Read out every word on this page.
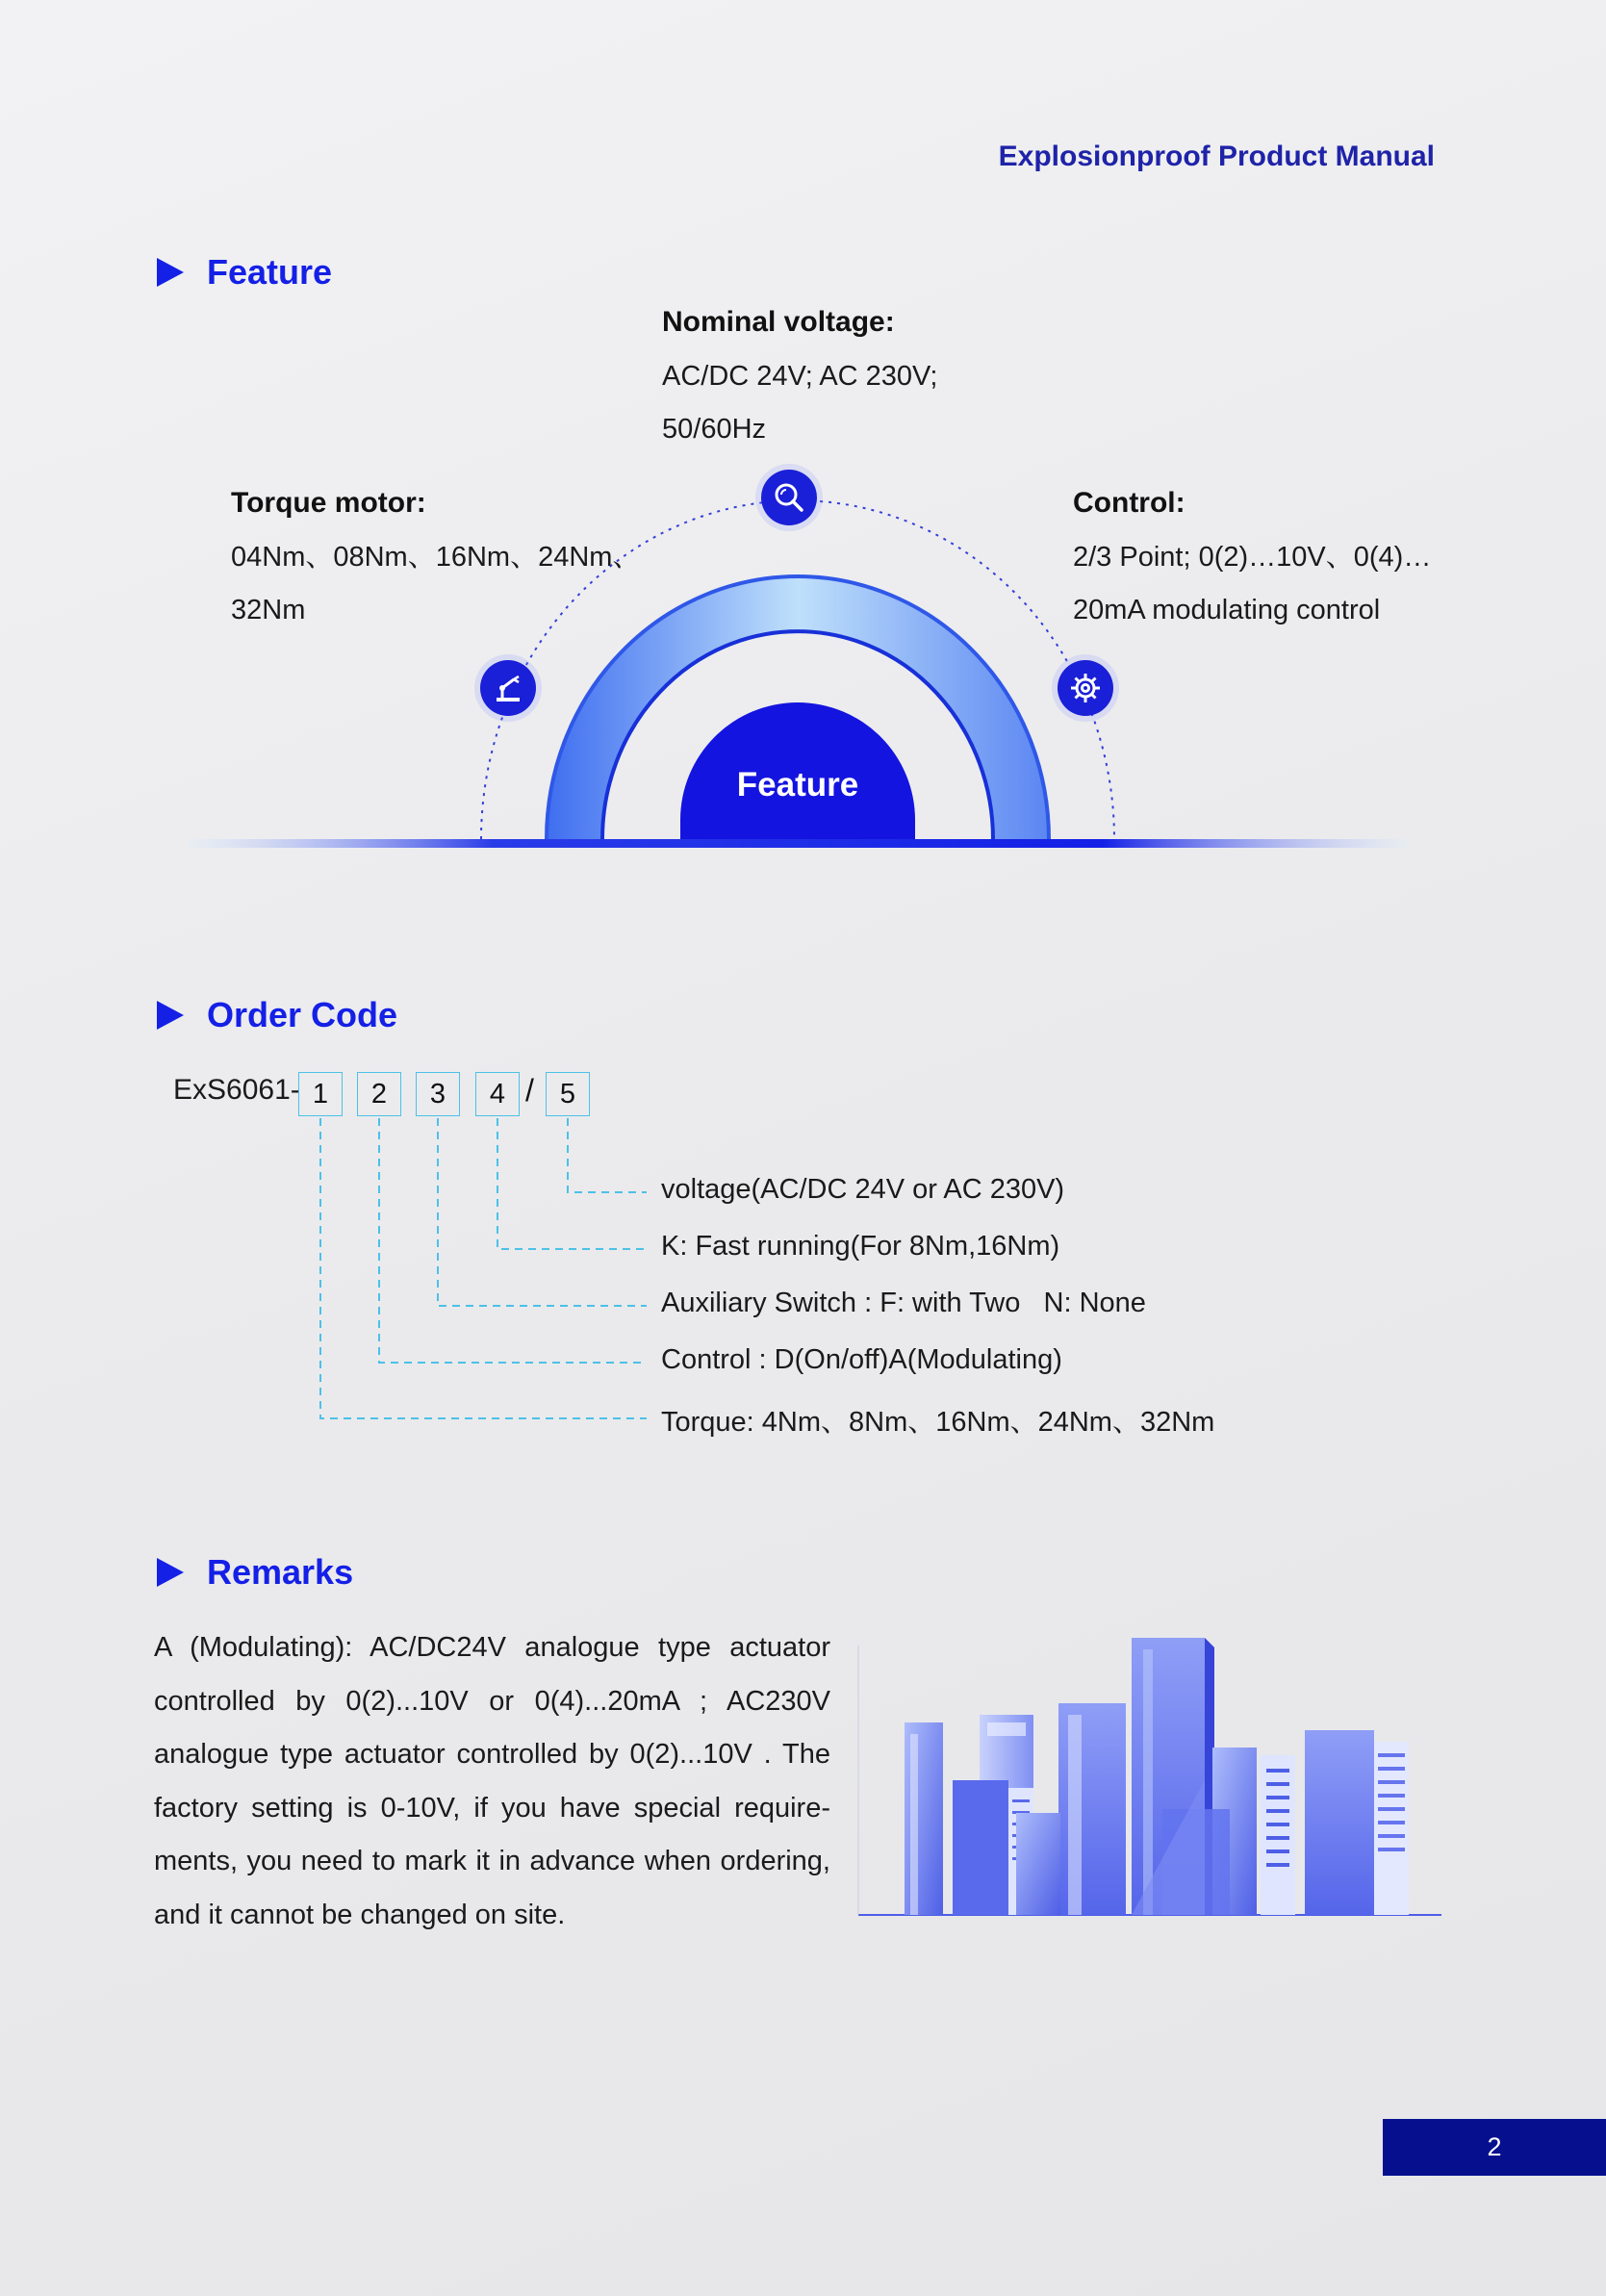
Explosionproof Product Manual
Feature
Feature
Nominal voltage:
AC/DC 24V; AC 230V;
50/60Hz
Torque motor:
04Nm、08Nm、16Nm、24Nm、
32Nm
Control:
2/3 Point; 0(2)…10V、0(4)…
20mA modulating control
Order Code
ExS6061- 1	2	3	4 / 5
voltage(AC/DC 24V or AC 230V)
K: Fast running(For 8Nm,16Nm)
Auxiliary Switch : F: with Two   N: None
Control : D(On/off)A(Modulating)
Torque: 4Nm、8Nm、16Nm、24Nm、32Nm
Remarks
A (Modulating): AC/DC24V analogue type actuator
controlled by 0(2)...10V or 0(4)...20mA ; AC230V
analogue type actuator controlled by 0(2)...10V . The
factory setting is 0-10V, if you have special require-
ments, you need to mark it in advance when ordering,
and it cannot be changed on site.
2
